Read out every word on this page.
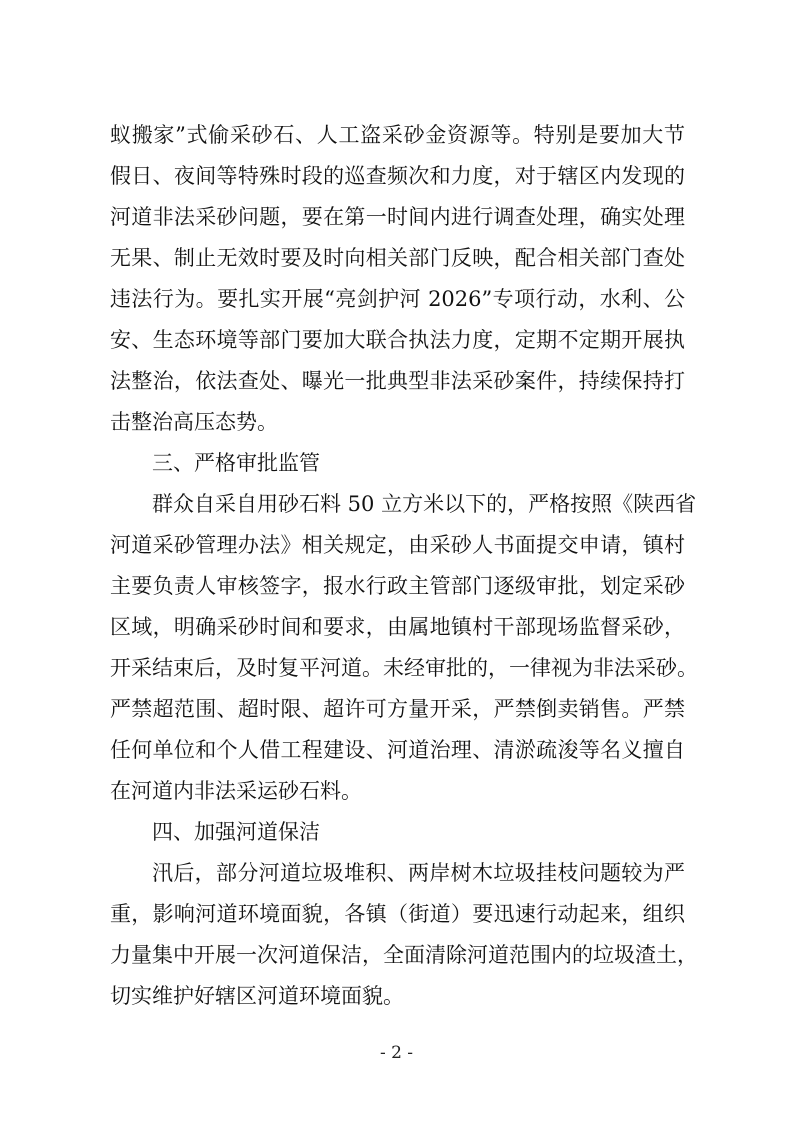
蚁搬家”式偷采砂石、人工盗采砂金资源等。特别是要加大节
假日、夜间等特殊时段的巡查频次和力度，对于辖区内发现的
河道非法采砂问题，要在第一时间内进行调查处理，确实处理
无果、制止无效时要及时向相关部门反映，配合相关部门查处
违法行为。要扎实开展“亮剑护河 2026”专项行动，水利、公
安、生态环境等部门要加大联合执法力度，定期不定期开展执
法整治，依法查处、曝光一批典型非法采砂案件，持续保持打
击整治高压态势。
三、严格审批监管
群众自采自用砂石料 50 立方米以下的，严格按照《陕西省
河道采砂管理办法》相关规定，由采砂人书面提交申请，镇村
主要负责人审核签字，报水行政主管部门逐级审批，划定采砂
区域，明确采砂时间和要求，由属地镇村干部现场监督采砂，
开采结束后，及时复平河道。未经审批的，一律视为非法采砂。
严禁超范围、超时限、超许可方量开采，严禁倒卖销售。严禁
任何单位和个人借工程建设、河道治理、清淤疏浚等名义擅自
在河道内非法采运砂石料。
四、加强河道保洁
汛后，部分河道垃圾堆积、两岸树木垃圾挂枝问题较为严
重，影响河道环境面貌，各镇（街道）要迅速行动起来，组织
力量集中开展一次河道保洁，全面清除河道范围内的垃圾渣土，
切实维护好辖区河道环境面貌。
- 2 -
